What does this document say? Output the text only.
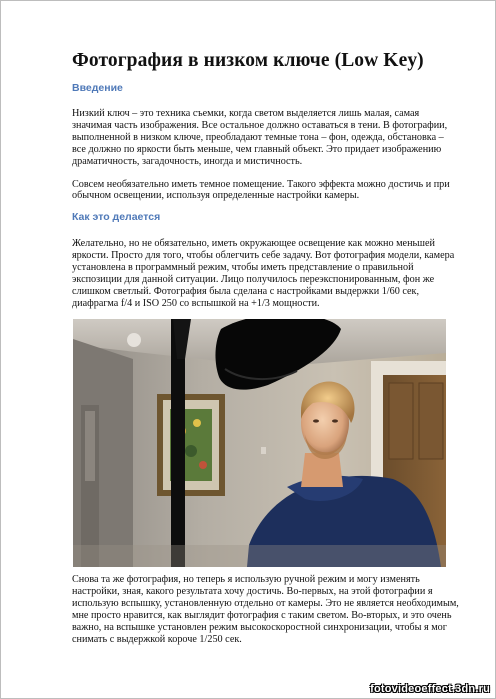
Фотография в низком ключе (Low Key)
Введение

Низкий ключ – это техника съемки, когда светом выделяется лишь малая, самая значимая часть изображения. Все остальное должно оставаться в тени. В фотографии, выполненной в низком ключе, преобладают темные тона – фон, одежда, обстановка – все должно по яркости быть меньше, чем главный объект. Это придает изображению драматичность, загадочность, иногда и мистичность.

Совсем необязательно иметь темное помещение. Такого эффекта можно достичь и при обычном освещении, используя определенные настройки камеры.

Как это делается

Желательно, но не обязательно, иметь окружающее освещение как можно меньшей яркости. Просто для того, чтобы облегчить себе задачу. Вот фотография модели, камера установлена в программный режим, чтобы иметь представление о правильной экспозиции для данной ситуации. Лицо получилось переэкспонированным, фон же слишком светлый. Фотография была сделана с настройками выдержки 1/60 сек, диафрагма f/4 и ISO 250 со вспышкой на +1/3 мощности.

Снова та же фотография, но теперь я использую ручной режим и могу изменять настройки, зная, какого результата хочу достичь. Во-первых, на этой фотографии я использую вспышку, установленную отдельно от камеры. Это не является необходимым, мне просто нравится, как выглядит фотография с таким светом. Во-вторых, и это очень важно, на вспышке установлен режим высокоскоростной синхронизации, чтобы я мог снимать с выдержкой короче 1/250 сек.

fotovideoeffect.3dn.ru
